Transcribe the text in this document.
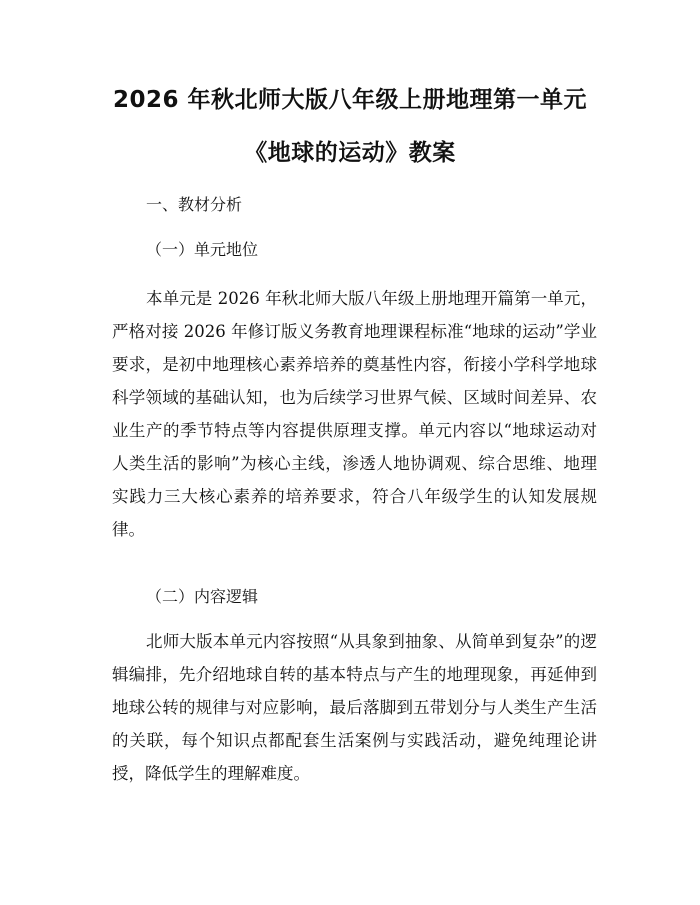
2026 年秋北师大版八年级上册地理第一单元
《地球的运动》教案
一、教材分析
（一）单元地位

本单元是 2026 年秋北师大版八年级上册地理开篇第一单元，严格对接 2026 年修订版义务教育地理课程标准“地球的运动”学业要求，是初中地理核心素养培养的奠基性内容，衔接小学科学地球科学领域的基础认知，也为后续学习世界气候、区域时间差异、农业生产的季节特点等内容提供原理支撑。单元内容以“地球运动对人类生活的影响”为核心主线，渗透人地协调观、综合思维、地理实践力三大核心素养的培养要求，符合八年级学生的认知发展规律。

（二）内容逻辑

北师大版本单元内容按照“从具象到抽象、从简单到复杂”的逻辑编排，先介绍地球自转的基本特点与产生的地理现象，再延伸到地球公转的规律与对应影响，最后落脚到五带划分与人类生产生活的关联，每个知识点都配套生活案例与实践活动，避免纯理论讲授，降低学生的理解难度。
